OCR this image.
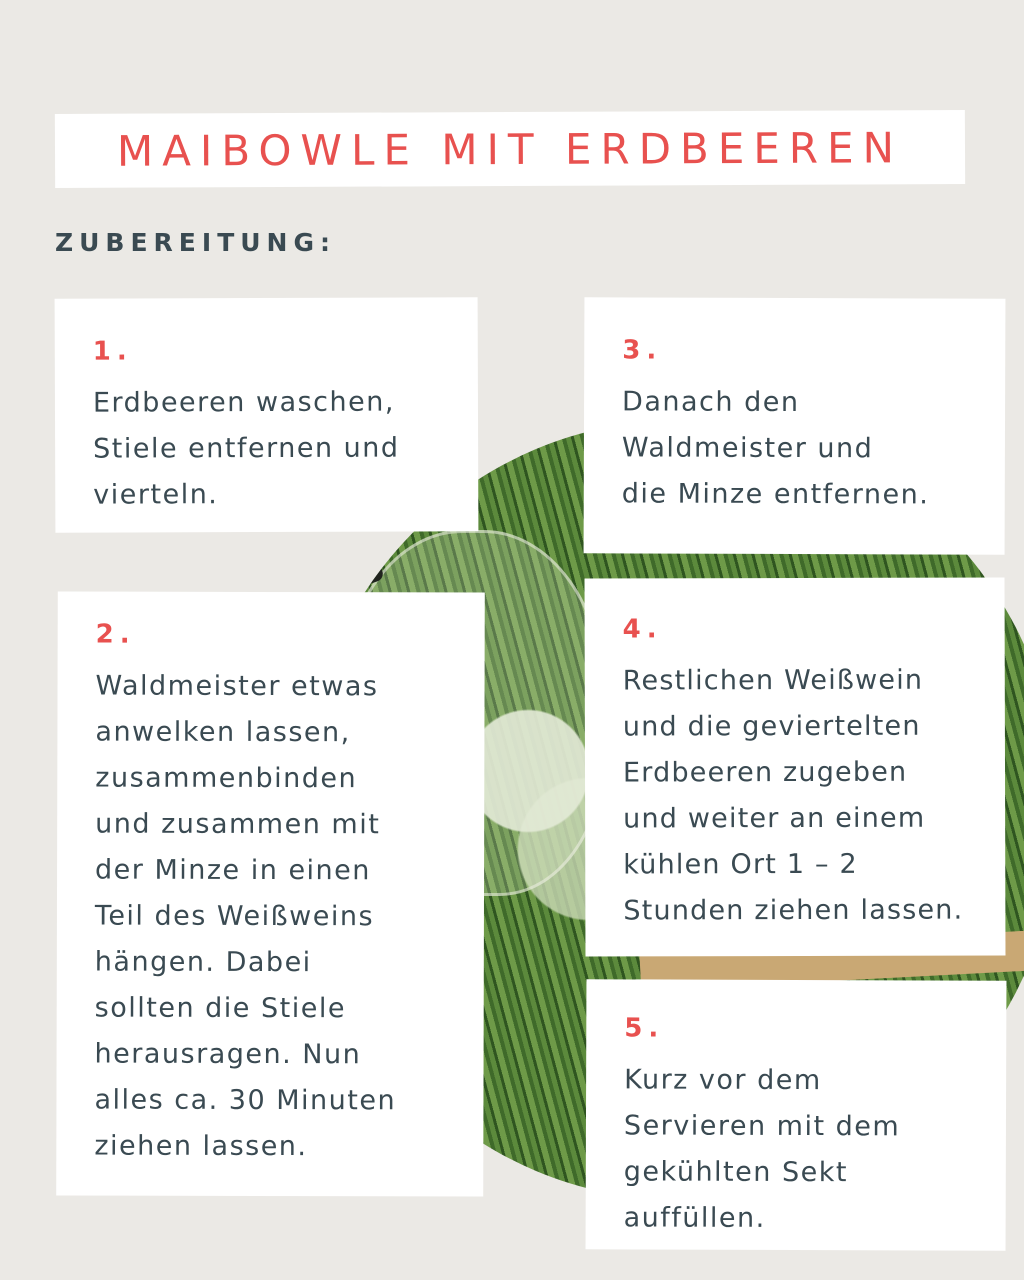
MAIBOWLE MIT ERDBEEREN
ZUBEREITUNG:
1.
Erdbeeren waschen,
Stiele entfernen und
vierteln.
2.
Waldmeister etwas
anwelken lassen,
zusammenbinden
und zusammen mit
der Minze in einen
Teil des Weißweins
hängen. Dabei
sollten die Stiele
herausragen. Nun
alles ca. 30 Minuten
ziehen lassen.
3.
Danach den
Waldmeister und
die Minze entfernen.
4.
Restlichen Weißwein
und die geviertelten
Erdbeeren zugeben
und weiter an einem
kühlen Ort 1 – 2
Stunden ziehen lassen.
5.
Kurz vor dem
Servieren mit dem
gekühlten Sekt
auffüllen.
